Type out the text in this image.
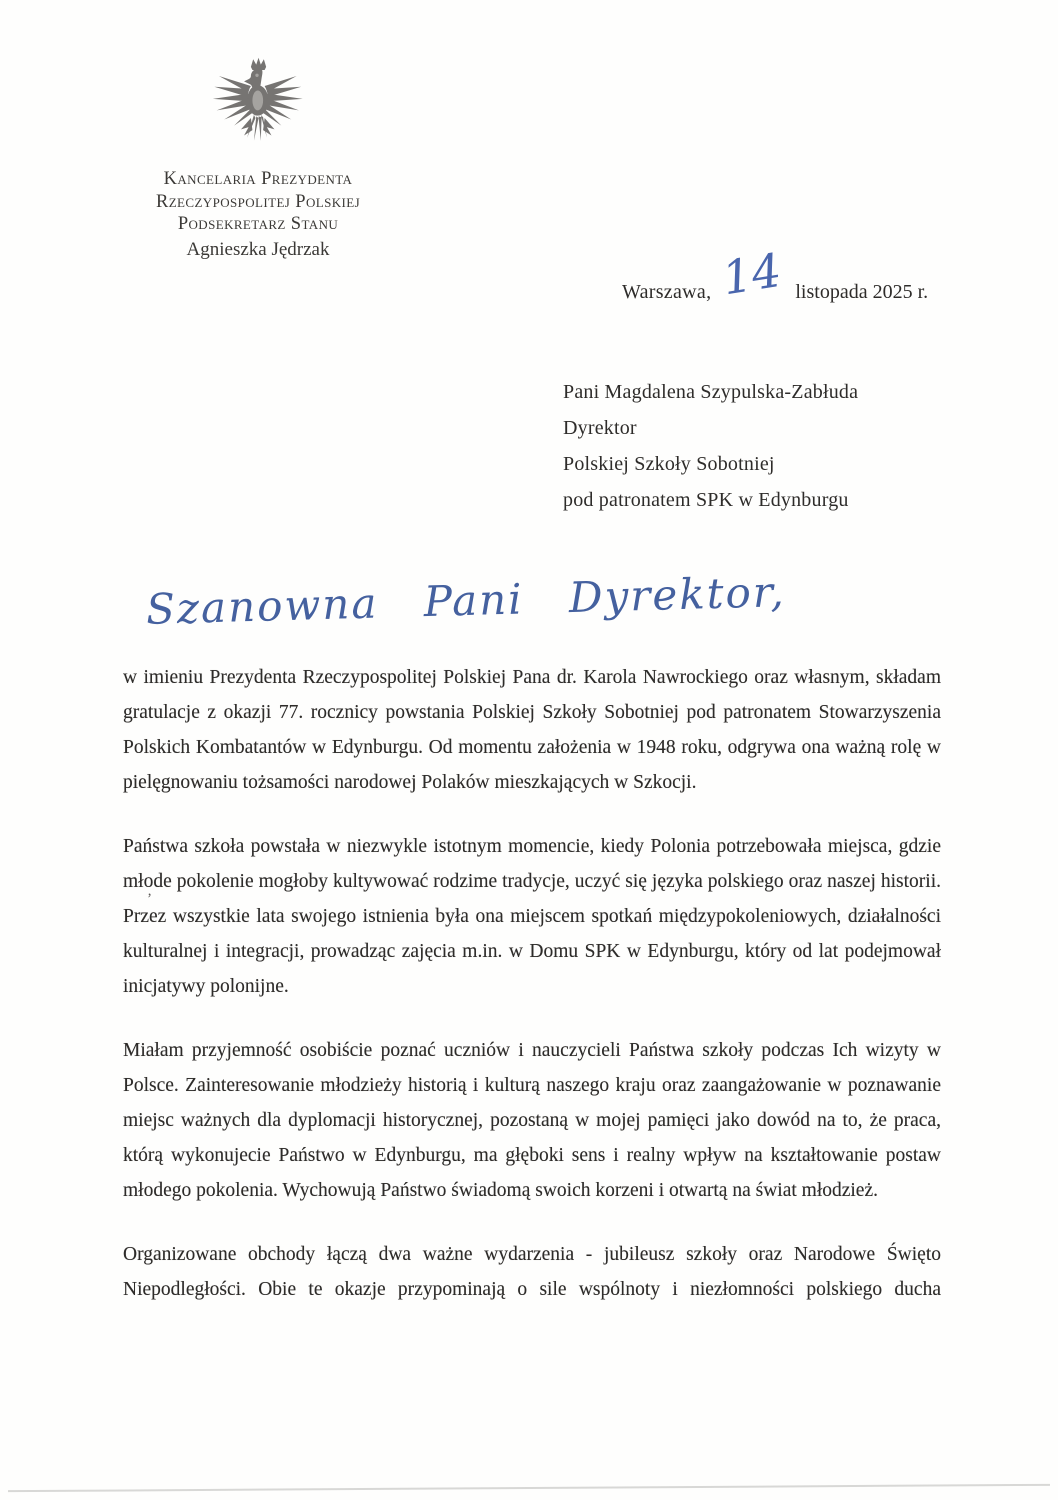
Kancelaria Prezydenta
Rzeczypospolitej Polskiej
Podsekretarz Stanu
Agnieszka Jędrzak
Warszawa, 14 listopada 2025 r.
Pani Magdalena Szypulska-Zabłuda
Dyrektor
Polskiej Szkoły Sobotniej
pod patronatem SPK w Edynburgu
Szanowna Pani Dyrektor,

w imieniu Prezydenta Rzeczypospolitej Polskiej Pana dr. Karola Nawrockiego oraz własnym, składam gratulacje z okazji 77. rocznicy powstania Polskiej Szkoły Sobotniej pod patronatem Stowarzyszenia Polskich Kombatantów w Edynburgu. Od momentu założenia w 1948 roku, odgrywa ona ważną rolę w pielęgnowaniu tożsamości narodowej Polaków mieszkających w Szkocji.

Państwa szkoła powstała w niezwykle istotnym momencie, kiedy Polonia potrzebowała miejsca, gdzie młode pokolenie mogłoby kultywować rodzime tradycje, uczyć się języka polskiego oraz naszej historii. Przez wszystkie lata swojego istnienia była ona miejscem spotkań międzypokoleniowych, działalności kulturalnej i integracji, prowadząc zajęcia m.in. w Domu SPK w Edynburgu, który od lat podejmował inicjatywy polonijne.

Miałam przyjemność osobiście poznać uczniów i nauczycieli Państwa szkoły podczas Ich wizyty w Polsce. Zainteresowanie młodzieży historią i kulturą naszego kraju oraz zaangażowanie w poznawanie miejsc ważnych dla dyplomacji historycznej, pozostaną w mojej pamięci jako dowód na to, że praca, którą wykonujecie Państwo w Edynburgu, ma głęboki sens i realny wpływ na kształtowanie postaw młodego pokolenia. Wychowują Państwo świadomą swoich korzeni i otwartą na świat młodzież.

Organizowane obchody łączą dwa ważne wydarzenia - jubileusz szkoły oraz Narodowe Święto Niepodległości. Obie te okazje przypominają o sile wspólnoty i niezłomności polskiego ducha

’
